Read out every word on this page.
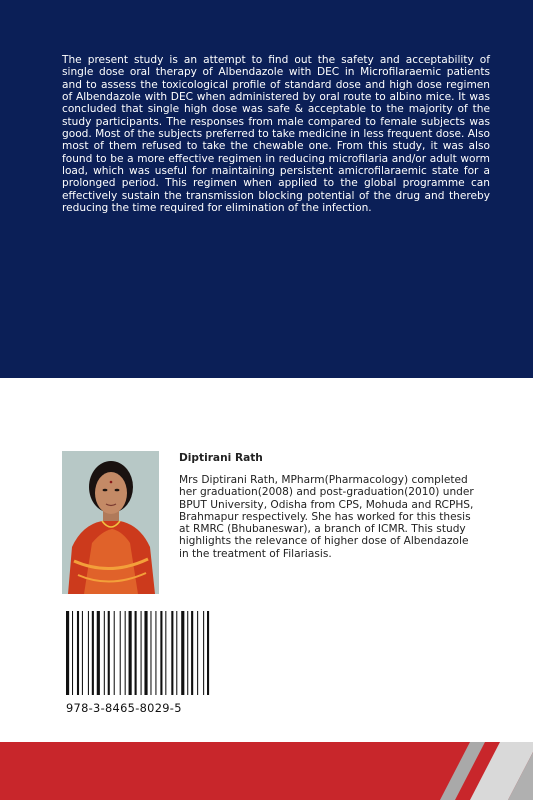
The present study is an attempt to find out the safety and acceptability of single dose oral therapy of Albendazole with DEC in Microfilaraemic patients and to assess the toxicological profile of standard dose and high dose regimen of Albendazole with DEC when administered by oral route to albino mice. It was concluded that single high dose was safe & acceptable to the majority of the study participants. The responses from male compared to female subjects was good. Most of the subjects preferred to take medicine in less frequent dose. Also most of them refused to take the chewable one. From this study, it was also found to be a more effective regimen in reducing microfilaria and/or adult worm load, which was useful for maintaining persistent amicrofilaraemic state for a prolonged period. This regimen when applied to the global programme can effectively sustain the transmission blocking potential of the drug and thereby reducing the time required for elimination of the infection.

Diptirani Rath

Mrs Diptirani Rath, MPharm(Pharmacology) completed her graduation(2008) and post-graduation(2010) under BPUT University, Odisha from CPS, Mohuda and RCPHS, Brahmapur respectively. She has worked for this thesis at RMRC (Bhubaneswar), a branch of ICMR. This study highlights the relevance of higher dose of Albendazole in the treatment of Filariasis.

978-3-8465-8029-5
